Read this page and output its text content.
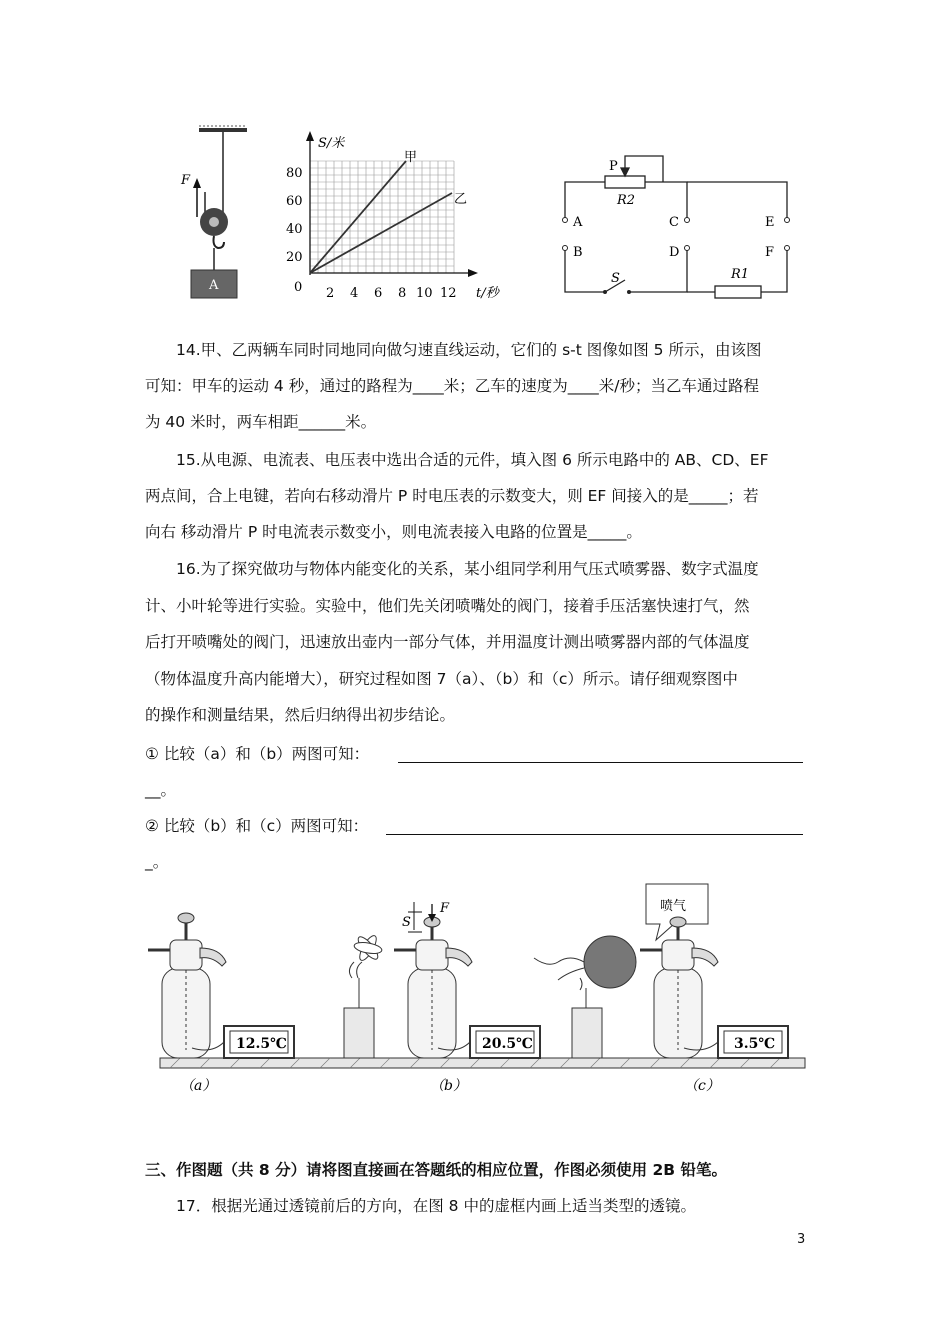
F
A
S/米
甲
乙
80
60
40
20
0 2 4 6 8 10 12 t/秒
P
R2
R1
S
A
B
C
D
E
F
14.甲、乙两辆车同时同地同向做匀速直线运动，它们的 s-t 图像如图 5 所示，由该图
可知：甲车的运动 4 秒，通过的路程为____米；乙车的速度为____米/秒；当乙车通过路程
为 40 米时，两车相距______米。
15.从电源、电流表、电压表中选出合适的元件，填入图 6 所示电路中的 AB、CD、EF
两点间，合上电键，若向右移动滑片 P 时电压表的示数变大，则 EF 间接入的是_____；若
向右 移动滑片 P 时电流表示数变小，则电流表接入电路的位置是_____。
16.为了探究做功与物体内能变化的关系，某小组同学利用气压式喷雾器、数字式温度
计、小叶轮等进行实验。实验中，他们先关闭喷嘴处的阀门，接着手压活塞快速打气，然
后打开喷嘴处的阀门，迅速放出壶内一部分气体，并用温度计测出喷雾器内部的气体温度
（物体温度升高内能增大），研究过程如图 7（a）、（b）和（c）所示。请仔细观察图中
的操作和测量结果，然后归纳得出初步结论。
① 比较（a）和（b）两图可知：
__。
② 比较（b）和（c）两图可知：
_。
12.5℃
（a）
S
F
20.5℃
（b）
喷气
3.5℃
（c）
三、作图题（共 8 分）请将图直接画在答题纸的相应位置，作图必须使用 2B 铅笔。
17．根据光通过透镜前后的方向，在图 8 中的虚框内画上适当类型的透镜。
3
